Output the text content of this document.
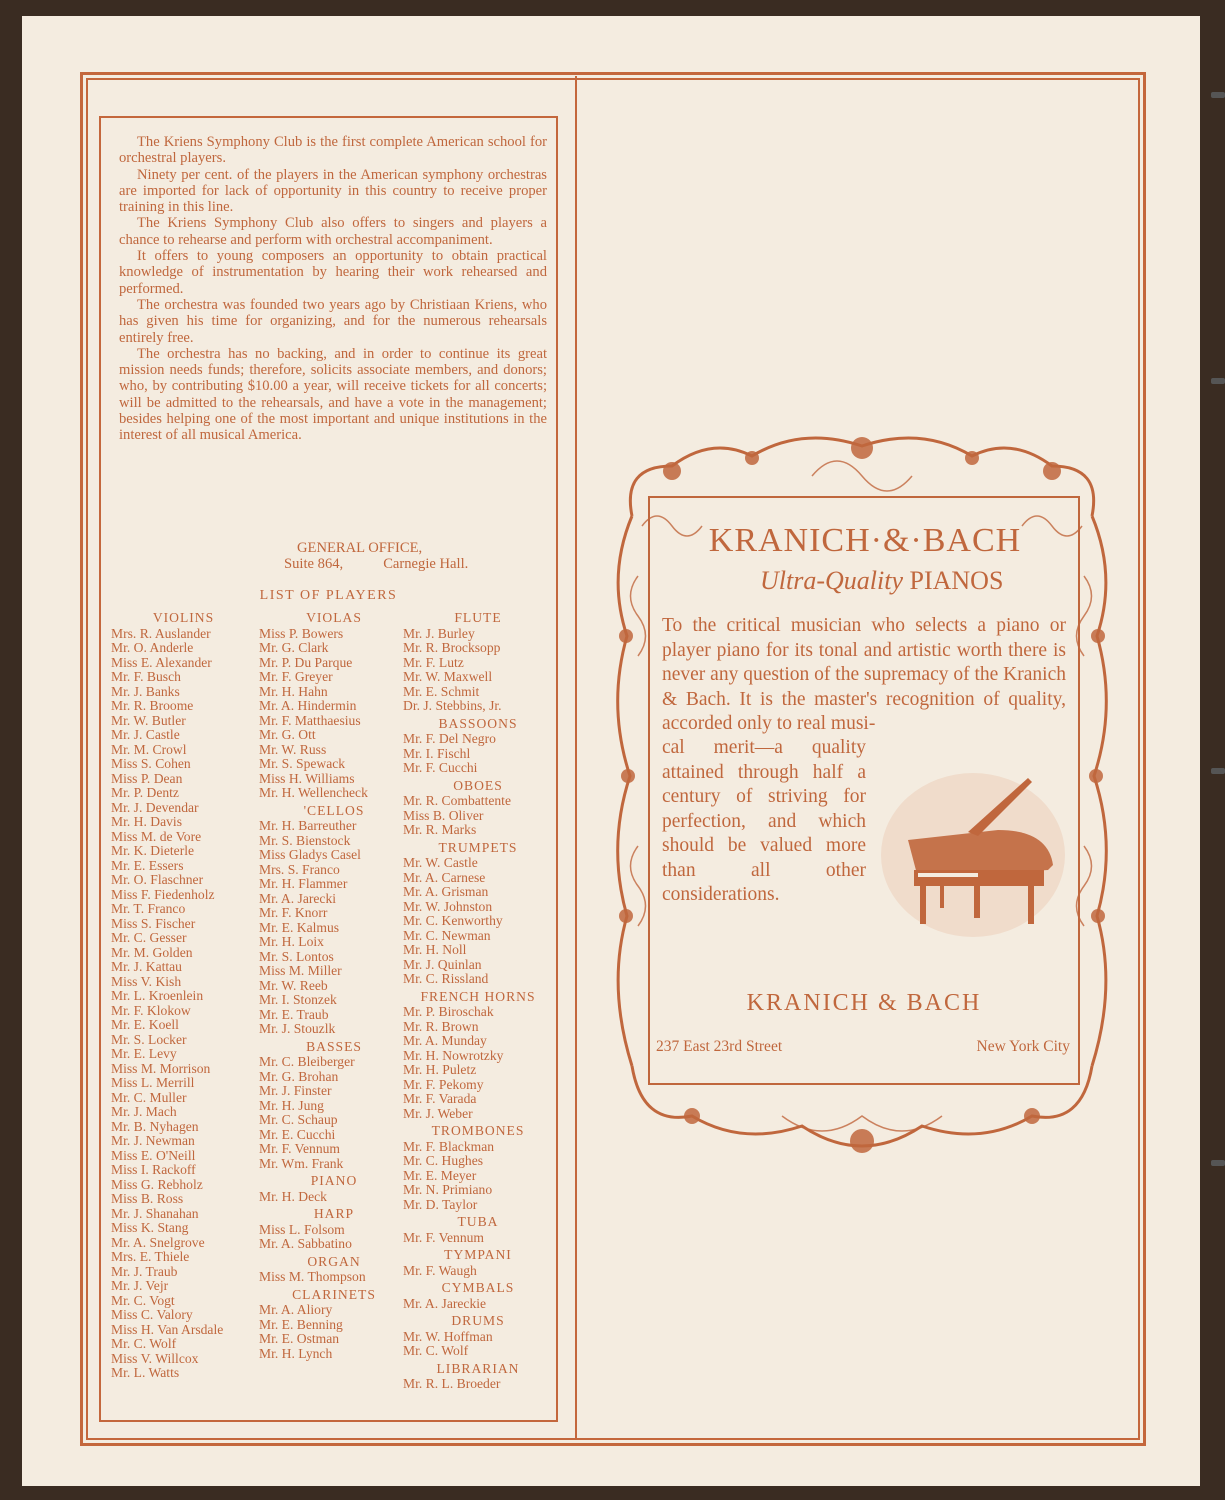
The Kriens Symphony Club is the first complete American school for orchestral players.

Ninety per cent. of the players in the American symphony orchestras are imported for lack of opportunity in this country to receive proper training in this line.

The Kriens Symphony Club also offers to singers and players a chance to rehearse and perform with orchestral accompaniment.

It offers to young composers an opportunity to obtain practical knowledge of instrumentation by hearing their work rehearsed and performed.

The orchestra was founded two years ago by Christiaan Kriens, who has given his time for organizing, and for the numerous rehearsals entirely free.

The orchestra has no backing, and in order to continue its great mission needs funds; therefore, solicits associate members, and donors; who, by contributing $10.00 a year, will receive tickets for all concerts; will be admitted to the rehearsals, and have a vote in the management; besides helping one of the most important and unique institutions in the interest of all musical America.

GENERAL OFFICE,
Suite 864,	Carnegie Hall.
LIST OF PLAYERS
VIOLINS
Mrs. R. Auslander
Mr. O. Anderle
Miss E. Alexander
Mr. F. Busch
Mr. J. Banks
Mr. R. Broome
Mr. W. Butler
Mr. J. Castle
Mr. M. Crowl
Miss S. Cohen
Miss P. Dean
Mr. P. Dentz
Mr. J. Devendar
Mr. H. Davis
Miss M. de Vore
Mr. K. Dieterle
Mr. E. Essers
Mr. O. Flaschner
Miss F. Fiedenholz
Mr. T. Franco
Miss S. Fischer
Mr. C. Gesser
Mr. M. Golden
Mr. J. Kattau
Miss V. Kish
Mr. L. Kroenlein
Mr. F. Klokow
Mr. E. Koell
Mr. S. Locker
Mr. E. Levy
Miss M. Morrison
Miss L. Merrill
Mr. C. Muller
Mr. J. Mach
Mr. B. Nyhagen
Mr. J. Newman
Miss E. O'Neill
Miss I. Rackoff
Miss G. Rebholz
Miss B. Ross
Mr. J. Shanahan
Miss K. Stang
Mr. A. Snelgrove
Mrs. E. Thiele
Mr. J. Traub
Mr. J. Vejr
Mr. C. Vogt
Miss C. Valory
Miss H. Van Arsdale
Mr. C. Wolf
Miss V. Willcox
Mr. L. Watts
VIOLAS
Miss P. Bowers
Mr. G. Clark
Mr. P. Du Parque
Mr. F. Greyer
Mr. H. Hahn
Mr. A. Hindermin
Mr. F. Matthaesius
Mr. G. Ott
Mr. W. Russ
Mr. S. Spewack
Miss H. Williams
Mr. H. Wellencheck
'CELLOS
Mr. H. Barreuther
Mr. S. Bienstock
Miss Gladys Casel
Mrs. S. Franco
Mr. H. Flammer
Mr. A. Jarecki
Mr. F. Knorr
Mr. E. Kalmus
Mr. H. Loix
Mr. S. Lontos
Miss M. Miller
Mr. W. Reeb
Mr. I. Stonzek
Mr. E. Traub
Mr. J. Stouzlk
BASSES
Mr. C. Bleiberger
Mr. G. Brohan
Mr. J. Finster
Mr. H. Jung
Mr. C. Schaup
Mr. E. Cucchi
Mr. F. Vennum
Mr. Wm. Frank
PIANO
Mr. H. Deck
HARP
Miss L. Folsom
Mr. A. Sabbatino
ORGAN
Miss M. Thompson
CLARINETS
Mr. A. Aliory
Mr. E. Benning
Mr. E. Ostman
Mr. H. Lynch
FLUTE
Mr. J. Burley
Mr. R. Brocksopp
Mr. F. Lutz
Mr. W. Maxwell
Mr. E. Schmit
Dr. J. Stebbins, Jr.
BASSOONS
Mr. F. Del Negro
Mr. I. Fischl
Mr. F. Cucchi
OBOES
Mr. R. Combattente
Miss B. Oliver
Mr. R. Marks
TRUMPETS
Mr. W. Castle
Mr. A. Carnese
Mr. A. Grisman
Mr. W. Johnston
Mr. C. Kenworthy
Mr. C. Newman
Mr. H. Noll
Mr. J. Quinlan
Mr. C. Rissland
FRENCH HORNS
Mr. P. Biroschak
Mr. R. Brown
Mr. A. Munday
Mr. H. Nowrotzky
Mr. H. Puletz
Mr. F. Pekomy
Mr. F. Varada
Mr. J. Weber
TROMBONES
Mr. F. Blackman
Mr. C. Hughes
Mr. E. Meyer
Mr. N. Primiano
Mr. D. Taylor
TUBA
Mr. F. Vennum
TYMPANI
Mr. F. Waugh
CYMBALS
Mr. A. Jareckie
DRUMS
Mr. W. Hoffman
Mr. C. Wolf
LIBRARIAN
Mr. R. L. Broeder
KRANICH·&·BACH
Ultra-Quality PIANOS
To the critical musician who selects a piano or player piano for its tonal and artistic worth there is never any question of the supremacy of the Kranich & Bach. It is the master's recognition of quality, accorded only to real musi-
cal merit—a quality attained through half a century of striving for perfection, and which should be valued more than all other considerations.
KRANICH & BACH
237 East 23rd Street	New York City
